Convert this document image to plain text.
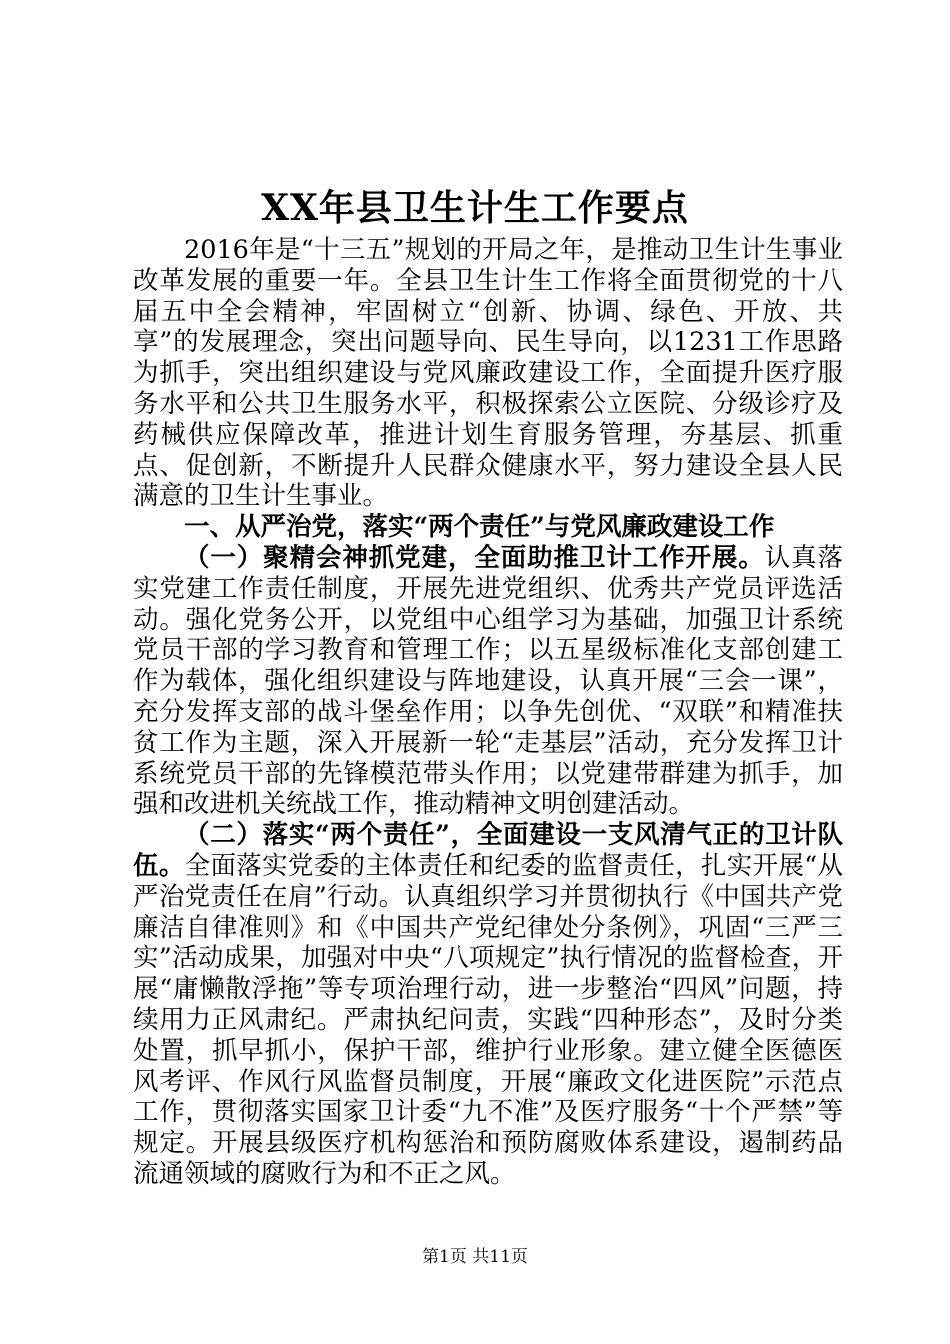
XX年县卫生计生工作要点

2016年是“十三五”规划的开局之年，是推动卫生计生事业改革发展的重要一年。全县卫生计生工作将全面贯彻党的十八届五中全会精神，牢固树立“创新、协调、绿色、开放、共享”的发展理念，突出问题导向、民生导向，以1231工作思路为抓手，突出组织建设与党风廉政建设工作，全面提升医疗服务水平和公共卫生服务水平，积极探索公立医院、分级诊疗及药械供应保障改革，推进计划生育服务管理，夯基层、抓重点、促创新，不断提升人民群众健康水平，努力建设全县人民满意的卫生计生事业。

一、从严治党，落实“两个责任”与党风廉政建设工作

（一）聚精会神抓党建，全面助推卫计工作开展。认真落实党建工作责任制度，开展先进党组织、优秀共产党员评选活动。强化党务公开，以党组中心组学习为基础，加强卫计系统党员干部的学习教育和管理工作；以五星级标准化支部创建工作为载体，强化组织建设与阵地建设，认真开展“三会一课”，充分发挥支部的战斗堡垒作用；以争先创优、“双联”和精准扶贫工作为主题，深入开展新一轮“走基层”活动，充分发挥卫计系统党员干部的先锋模范带头作用；以党建带群建为抓手，加强和改进机关统战工作，推动精神文明创建活动。

（二）落实“两个责任”，全面建设一支风清气正的卫计队伍。全面落实党委的主体责任和纪委的监督责任，扎实开展“从严治党责任在肩”行动。认真组织学习并贯彻执行《中国共产党廉洁自律准则》和《中国共产党纪律处分条例》，巩固“三严三实”活动成果，加强对中央“八项规定”执行情况的监督检查，开展“庸懒散浮拖”等专项治理行动，进一步整治“四风”问题，持续用力正风肃纪。严肃执纪问责，实践“四种形态”，及时分类处置，抓早抓小，保护干部，维护行业形象。建立健全医德医风考评、作风行风监督员制度，开展“廉政文化进医院”示范点工作，贯彻落实国家卫计委“九不准”及医疗服务“十个严禁”等规定。开展县级医疗机构惩治和预防腐败体系建设，遏制药品流通领域的腐败行为和不正之风。

第1页 共11页
